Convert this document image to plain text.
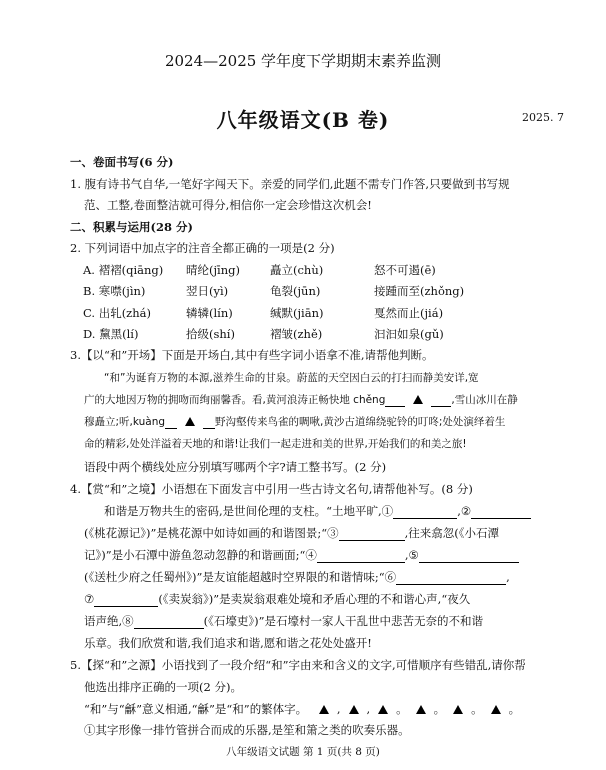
2024—2025 学年度下学期期末素养监测
八年级语文(B 卷)	2025. 7
一、卷面书写(6 分)
1. 腹有诗书气自华,一笔好字闯天下。亲爱的同学们,此题不需专门作答,只要做到书写规
范、工整,卷面整洁就可得分,相信你一定会珍惜这次机会!
二、积累与运用(28 分)
2. 下列词语中加点字的注音全都正确的一项是(2 分)
A. 褶褶(qiāng) 晴纶(jīng)	矗立(chù)	怒不可遏(ē)
B. 寒噤(jìn)	翌日(yì)	龟裂(jūn)	接踵而至(zhǒng)
C. 出轧(zhá)	辚辚(lín)	缄默(jiān)	戛然而止(jiá)
D. 黧黑(lí)	拾级(shí)	褶皱(zhě)	汩汩如泉(gǔ)
3.【以“和”开场】下面是开场白,其中有些字词小语拿不准,请帮他判断。
“和”为诞育万物的本源,滋养生命的甘泉。蔚蓝的天空因白云的打扫而静美安详,宽
广的大地因万物的拥吻而绚丽馨香。看,黄河浪涛正畅快地 chěng	,雪山冰川在静
穆矗立;听,kuàng	野沟壑传来鸟雀的啁啾,黄沙古道绵绕驼铃的叮咚;处处演绎着生
命的精彩,处处洋溢着天地的和谐!让我们一起走进和美的世界,开始我们的和美之旅!
语段中两个横线处应分别填写哪两个字?请工整书写。(2 分)
4.【赏“和”之境】小语想在下面发言中引用一些古诗文名句,请帮他补写。(8 分)
和谐是万物共生的密码,是世间伦理的支柱。“土地平旷,①	,②
(《桃花源记》)”是桃花源中如诗如画的和谐图景;“③	,往来翕忽(《小石潭
记》)”是小石潭中游鱼忽动忽静的和谐画面;“④	,⑤
(《送杜少府之任蜀州》)”是友谊能超越时空界限的和谐情味;“⑥	,
⑦	(《卖炭翁》)”是卖炭翁艰难处境和矛盾心理的不和谐心声,“夜久
语声绝,⑧	(《石壕吏》)”是石壕村一家人干乱世中悲苦无奈的不和谐
乐章。我们欣赏和谐,我们追求和谐,愿和谐之花处处盛开!
5.【探“和”之源】小语找到了一段介绍“和”字由来和含义的文字,可惜顺序有些错乱,请你帮
他选出排序正确的一项(2 分)。
“和”与“龢”意义相通,“龢”是“和”的繁体字。	, , 。 。 。 。
①其字形像一排竹管拼合而成的乐器,是笙和箫之类的吹奏乐器。
八年级语文试题 第 1 页(共 8 页)
